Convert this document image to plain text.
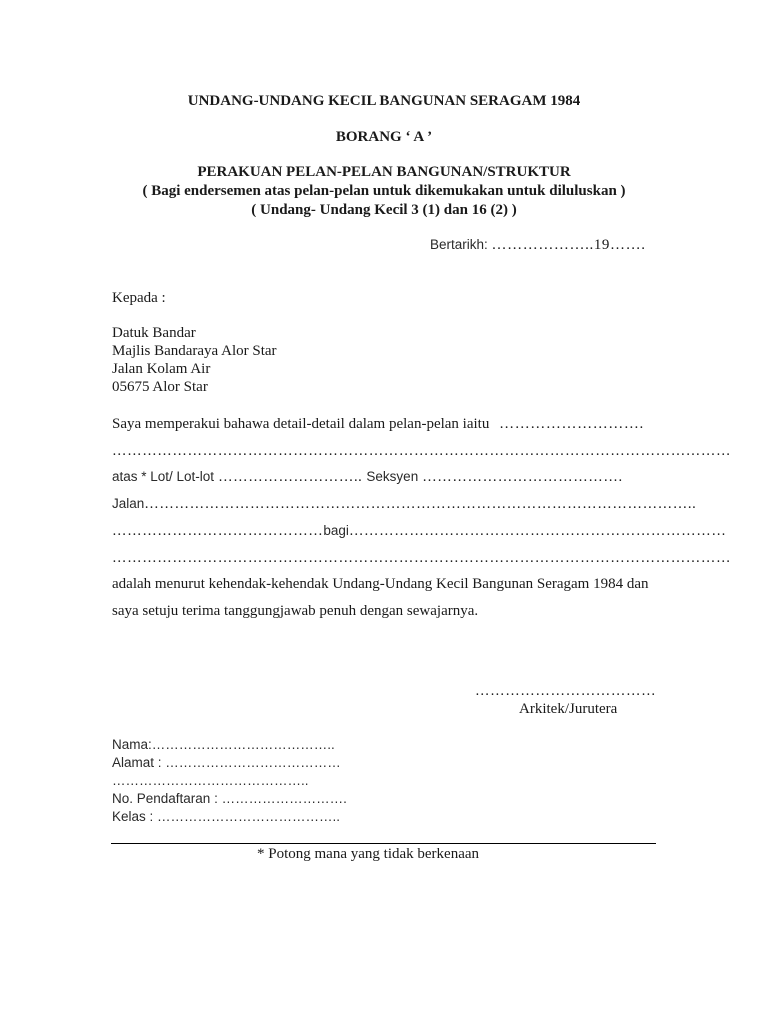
UNDANG-UNDANG KECIL BANGUNAN SERAGAM 1984

BORANG ‘ A ’

PERAKUAN PELAN-PELAN BANGUNAN/STRUKTUR

( Bagi endersemen atas pelan-pelan untuk dikemukakan untuk diluluskan )

( Undang- Undang Kecil 3 (1) dan 16 (2) )

Bertarikh: ………………..19…….

Kepada :

Datuk Bandar

Majlis Bandaraya Alor Star

Jalan Kolam Air

05675 Alor Star

Saya memperakui bahawa detail-detail dalam pelan-pelan iaitu ……………………….

……………………………………………………………………………………………………………

atas * Lot/ Lot-lot ……………………….. Seksyen ………………………………….
Jalan………………………………………………………………………………………………..
……………………………………bagi…………………………………………………………………

……………………………………………………………………………………………………………

adalah menurut kehendak-kehendak Undang-Undang Kecil Bangunan Seragam 1984 dan

saya setuju terima tanggungjawab penuh dengan sewajarnya.

………………………………

Arkitek/Jurutera

Nama:…………………………………..

Alamat : …………………………………

……………………………………..

No. Pendaftaran : ……………………….

Kelas : …………………………………..

* Potong mana yang tidak berkenaan
